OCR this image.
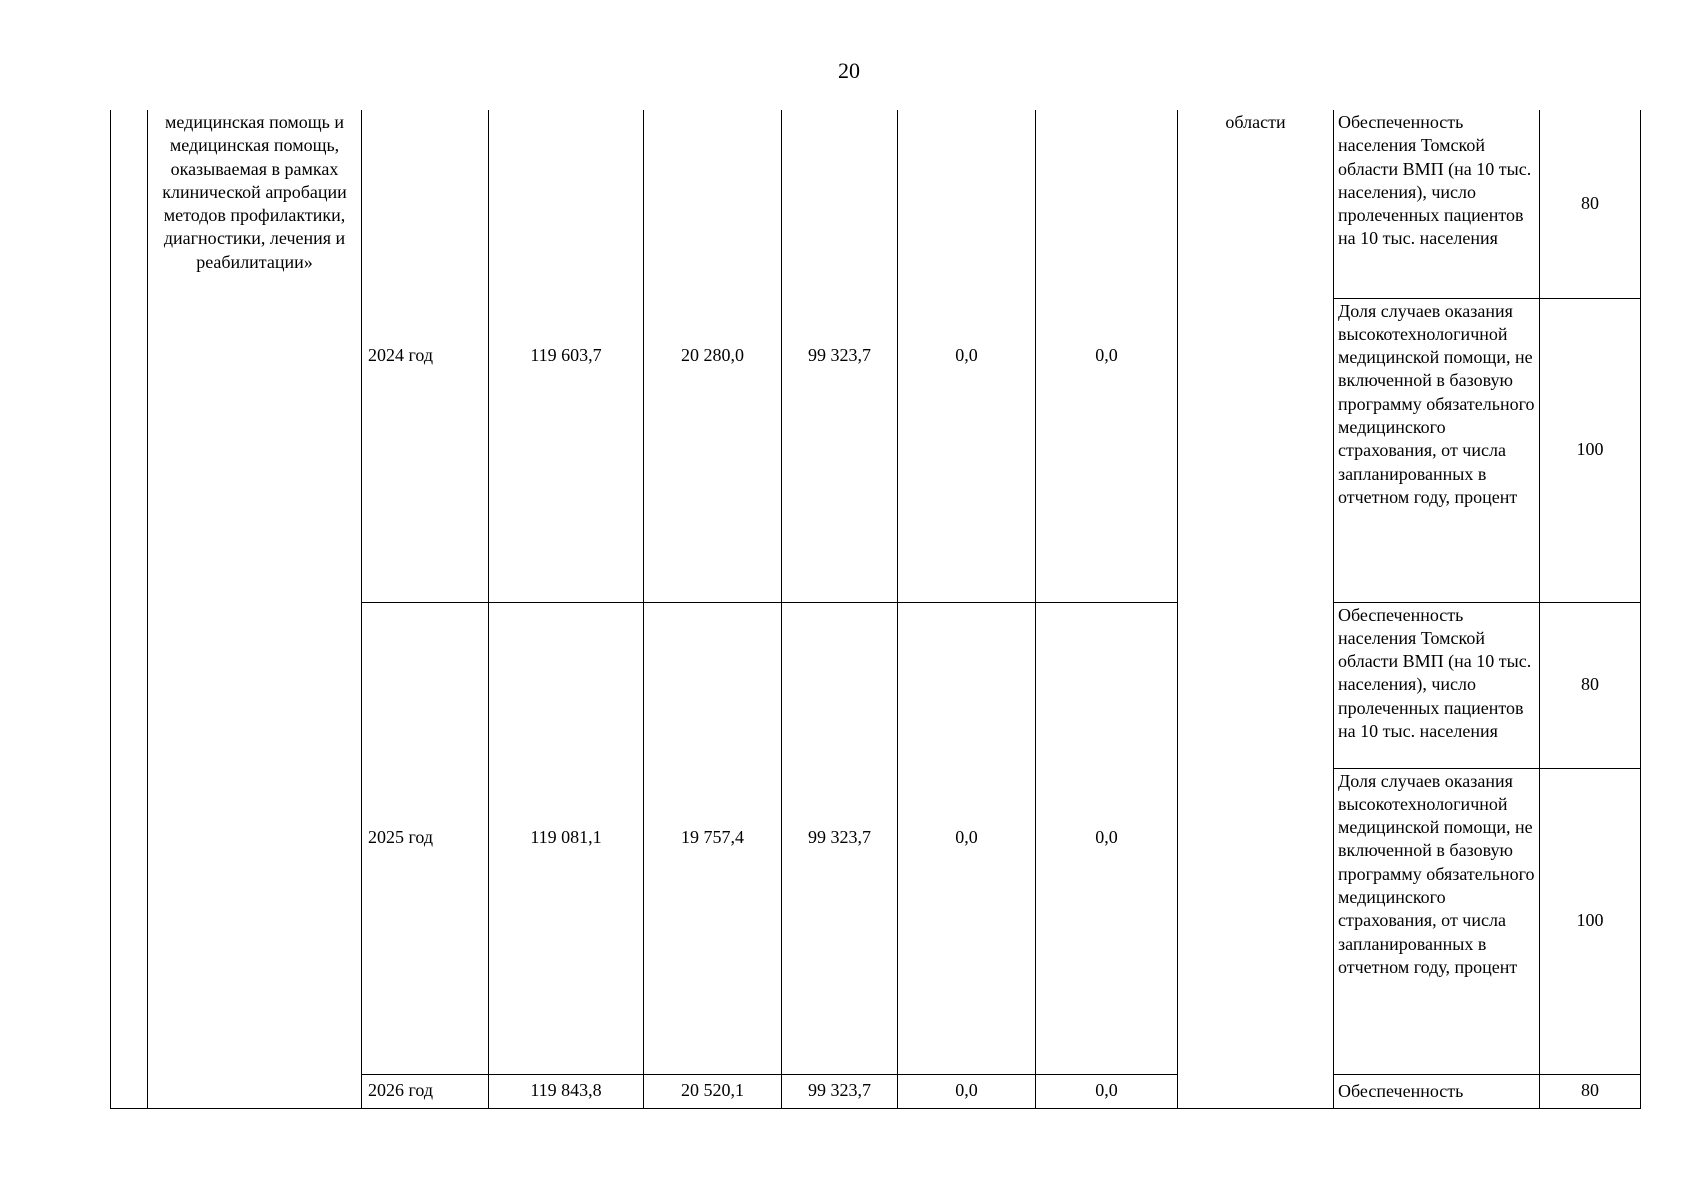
20
	медицинская помощь и медицинская помощь, оказываемая в рамках клинической апробации методов профилактики, диагностики, лечения и реабилитации»	2024 год	119 603,7	20 280,0	99 323,7	0,0	0,0	области	Обеспеченность населения Томской области ВМП (на 10 тыс. населения), число пролеченных пациентов на 10 тыс. населения	80
									Доля случаев оказания высокотехнологичной медицинской помощи, не включенной в базовую программу обязательного медицинского страхования, от числа запланированных в отчетном году, процент	100
		2025 год	119 081,1	19 757,4	99 323,7	0,0	0,0		Обеспеченность населения Томской области ВМП (на 10 тыс. населения), число пролеченных пациентов на 10 тыс. населения	80
									Доля случаев оказания высокотехнологичной медицинской помощи, не включенной в базовую программу обязательного медицинского страхования, от числа запланированных в отчетном году, процент	100
		2026 год	119 843,8	20 520,1	99 323,7	0,0	0,0		Обеспеченность	80
